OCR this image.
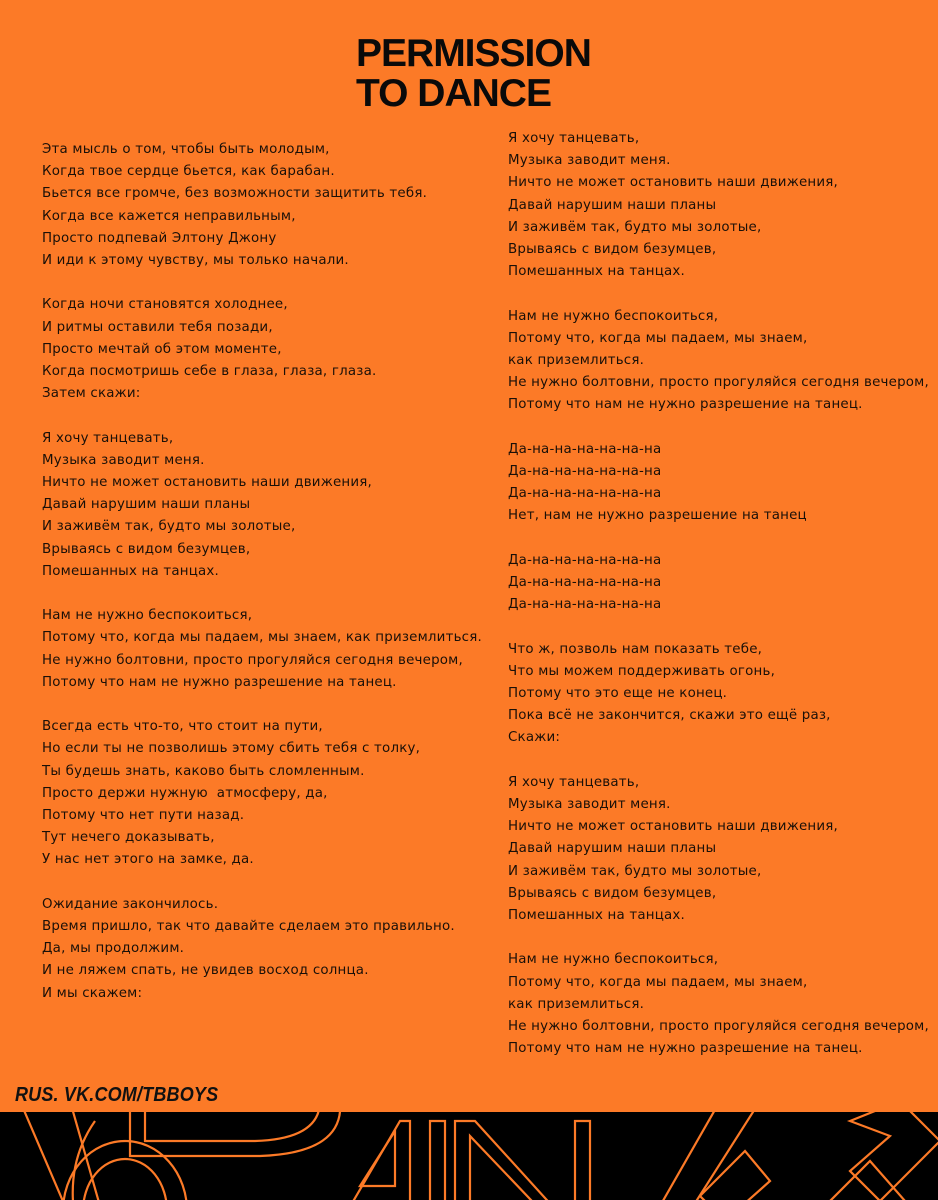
PERMISSION
TO DANCE
Эта мысль о том, чтобы быть молодым,
Когда твое сердце бьется, как барабан.
Бьется все громче, без возможности защитить тебя.
Когда все кажется неправильным,
Просто подпевай Элтону Джону
И иди к этому чувству, мы только начали.
Когда ночи становятся холоднее,
И ритмы оставили тебя позади,
Просто мечтай об этом моменте,
Когда посмотришь себе в глаза, глаза, глаза.
Затем скажи:
Я хочу танцевать,
Музыка заводит меня.
Ничто не может остановить наши движения,
Давай нарушим наши планы
И заживём так, будто мы золотые,
Врываясь с видом безумцев,
Помешанных на танцах.
Нам не нужно беспокоиться,
Потому что, когда мы падаем, мы знаем, как приземлиться.
Не нужно болтовни, просто прогуляйся сегодня вечером,
Потому что нам не нужно разрешение на танец.
Всегда есть что-то, что стоит на пути,
Но если ты не позволишь этому сбить тебя с толку,
Ты будешь знать, каково быть сломленным.
Просто держи нужную  атмосферу, да,
Потому что нет пути назад.
Тут нечего доказывать,
У нас нет этого на замке, да.
Ожидание закончилось.
Время пришло, так что давайте сделаем это правильно.
Да, мы продолжим.
И не ляжем спать, не увидев восход солнца.
И мы скажем:
Я хочу танцевать,
Музыка заводит меня.
Ничто не может остановить наши движения,
Давай нарушим наши планы
И заживём так, будто мы золотые,
Врываясь с видом безумцев,
Помешанных на танцах.
Нам не нужно беспокоиться,
Потому что, когда мы падаем, мы знаем,
как приземлиться.
Не нужно болтовни, просто прогуляйся сегодня вечером,
Потому что нам не нужно разрешение на танец.
Да-на-на-на-на-на-на
Да-на-на-на-на-на-на
Да-на-на-на-на-на-на
Нет, нам не нужно разрешение на танец
Да-на-на-на-на-на-на
Да-на-на-на-на-на-на
Да-на-на-на-на-на-на
Что ж, позволь нам показать тебе,
Что мы можем поддерживать огонь,
Потому что это еще не конец.
Пока всё не закончится, скажи это ещё раз,
Скажи:
Я хочу танцевать,
Музыка заводит меня.
Ничто не может остановить наши движения,
Давай нарушим наши планы
И заживём так, будто мы золотые,
Врываясь с видом безумцев,
Помешанных на танцах.
Нам не нужно беспокоиться,
Потому что, когда мы падаем, мы знаем,
как приземлиться.
Не нужно болтовни, просто прогуляйся сегодня вечером,
Потому что нам не нужно разрешение на танец.
RUS. VK.COM/TBBOYS
